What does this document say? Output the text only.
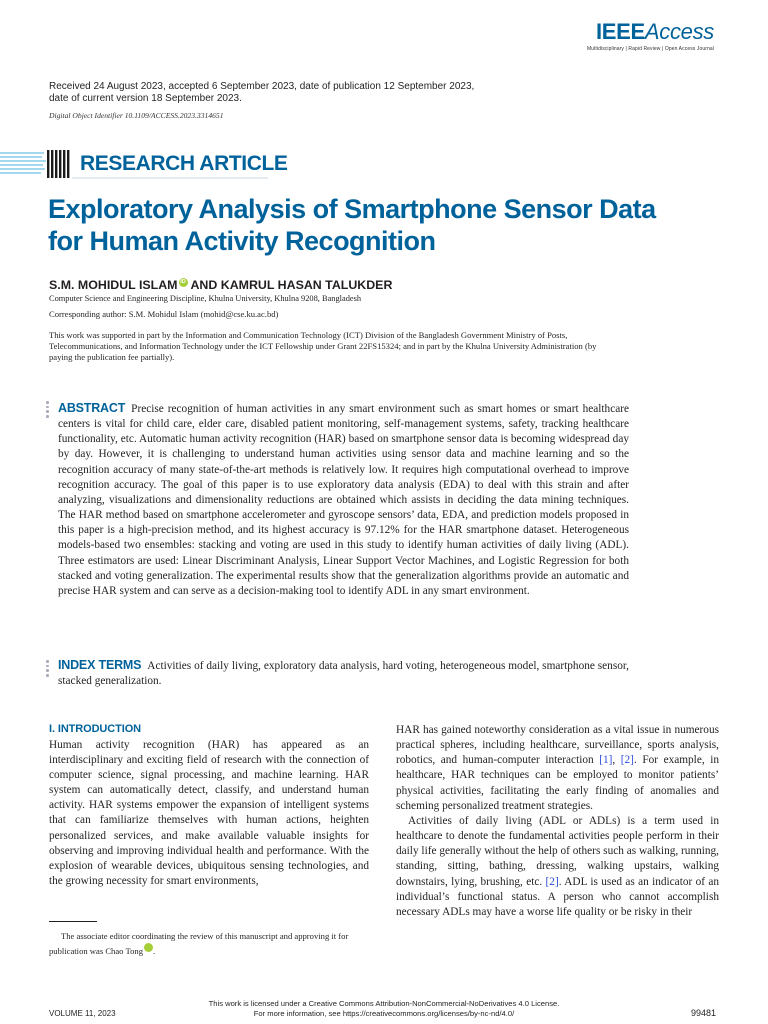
IEEEAccess
Multidisciplinary | Rapid Review | Open Access Journal
Received 24 August 2023, accepted 6 September 2023, date of publication 12 September 2023,
date of current version 18 September 2023.
Digital Object Identifier 10.1109/ACCESS.2023.3314651
RESEARCH ARTICLE
Exploratory Analysis of Smartphone Sensor Data
for Human Activity Recognition
S.M. MOHIDUL ISLAM iD AND KAMRUL HASAN TALUKDER
Computer Science and Engineering Discipline, Khulna University, Khulna 9208, Bangladesh
Corresponding author: S.M. Mohidul Islam (mohid@cse.ku.ac.bd)
This work was supported in part by the Information and Communication Technology (ICT) Division of the Bangladesh Government Ministry of Posts, Telecommunications, and Information Technology under the ICT Fellowship under Grant 22FS15324; and in part by the Khulna University Administration (by paying the publication fee partially).
ABSTRACT Precise recognition of human activities in any smart environment such as smart homes or smart healthcare centers is vital for child care, elder care, disabled patient monitoring, self-management systems, safety, tracking healthcare functionality, etc. Automatic human activity recognition (HAR) based on smartphone sensor data is becoming widespread day by day. However, it is challenging to understand human activities using sensor data and machine learning and so the recognition accuracy of many state-of-the-art methods is relatively low. It requires high computational overhead to improve recognition accuracy. The goal of this paper is to use exploratory data analysis (EDA) to deal with this strain and after analyzing, visualizations and dimensionality reductions are obtained which assists in deciding the data mining techniques. The HAR method based on smartphone accelerometer and gyroscope sensors’ data, EDA, and prediction models proposed in this paper is a high-precision method, and its highest accuracy is 97.12% for the HAR smartphone dataset. Heterogeneous models-based two ensembles: stacking and voting are used in this study to identify human activities of daily living (ADL). Three estimators are used: Linear Discriminant Analysis, Linear Support Vector Machines, and Logistic Regression for both stacked and voting generalization. The experimental results show that the generalization algorithms provide an automatic and precise HAR system and can serve as a decision-making tool to identify ADL in any smart environment.
INDEX TERMS Activities of daily living, exploratory data analysis, hard voting, heterogeneous model, smartphone sensor, stacked generalization.
I. INTRODUCTION
Human activity recognition (HAR) has appeared as an interdisciplinary and exciting field of research with the connection of computer science, signal processing, and machine learning. HAR system can automatically detect, classify, and understand human activity. HAR systems empower the expansion of intelligent systems that can familiarize themselves with human actions, heighten personalized services, and make available valuable insights for observing and improving individual health and performance. With the explosion of wearable devices, ubiquitous sensing technologies, and the growing necessity for smart environments,

HAR has gained noteworthy consideration as a vital issue in numerous practical spheres, including healthcare, surveillance, sports analysis, robotics, and human-computer interaction [1], [2]. For example, in healthcare, HAR techniques can be employed to monitor patients’ physical activities, facilitating the early finding of anomalies and scheming personalized treatment strategies.

Activities of daily living (ADL or ADLs) is a term used in healthcare to denote the fundamental activities people perform in their daily life generally without the help of others such as walking, running, standing, sitting, bathing, dressing, walking upstairs, walking downstairs, lying, brushing, etc. [2]. ADL is used as an indicator of an individual’s functional status. A person who cannot accomplish necessary ADLs may have a worse life quality or be risky in their

The associate editor coordinating the review of this manuscript and approving it for publication was Chao Tong iD.
This work is licensed under a Creative Commons Attribution-NonCommercial-NoDerivatives 4.0 License.
For more information, see https://creativecommons.org/licenses/by-nc-nd/4.0/
VOLUME 11, 2023	99481
